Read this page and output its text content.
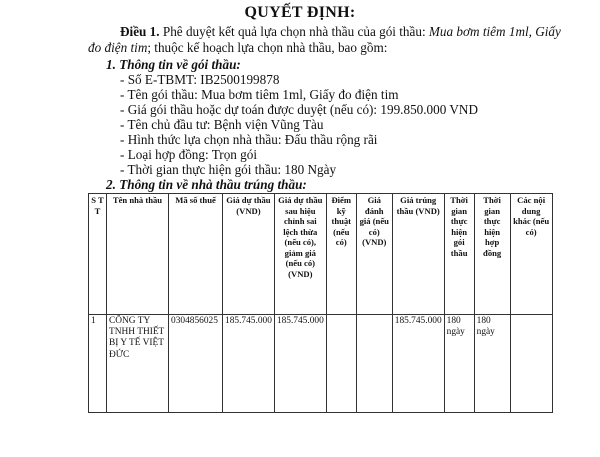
QUYẾT ĐỊNH:
Điều 1. Phê duyệt kết quả lựa chọn nhà thầu của gói thầu: Mua bơm tiêm 1ml, Giấy đo điện tim; thuộc kế hoạch lựa chọn nhà thầu, bao gồm:
1. Thông tin về gói thầu:
- Số E-TBMT: IB2500199878
- Tên gói thầu: Mua bơm tiêm 1ml, Giấy đo điện tim
- Giá gói thầu hoặc dự toán được duyệt (nếu có): 199.850.000 VND
- Tên chủ đầu tư: Bệnh viện Vũng Tàu
- Hình thức lựa chọn nhà thầu: Đấu thầu rộng rãi
- Loại hợp đồng: Trọn gói
- Thời gian thực hiện gói thầu: 180 Ngày
2. Thông tin về nhà thầu trúng thầu:
S T T	Tên nhà thầu	Mã số thuế	Giá dự thầu (VND)	Giá dự thầu sau hiệu chỉnh sai lệch thừa (nếu có), giảm giá (nếu có) (VND)	Điểm kỹ thuật (nếu có)	Giá đánh giá (nếu có) (VND)	Giá trúng thầu (VND)	Thời gian thực hiện gói thầu	Thời gian thực hiện hợp đồng	Các nội dung khác (nếu có)
1	CÔNG TY TNHH THIẾT BỊ Y TẾ VIỆT ĐỨC	0304856025	185.745.000	185.745.000			185.745.000	180 ngày	180 ngày	
